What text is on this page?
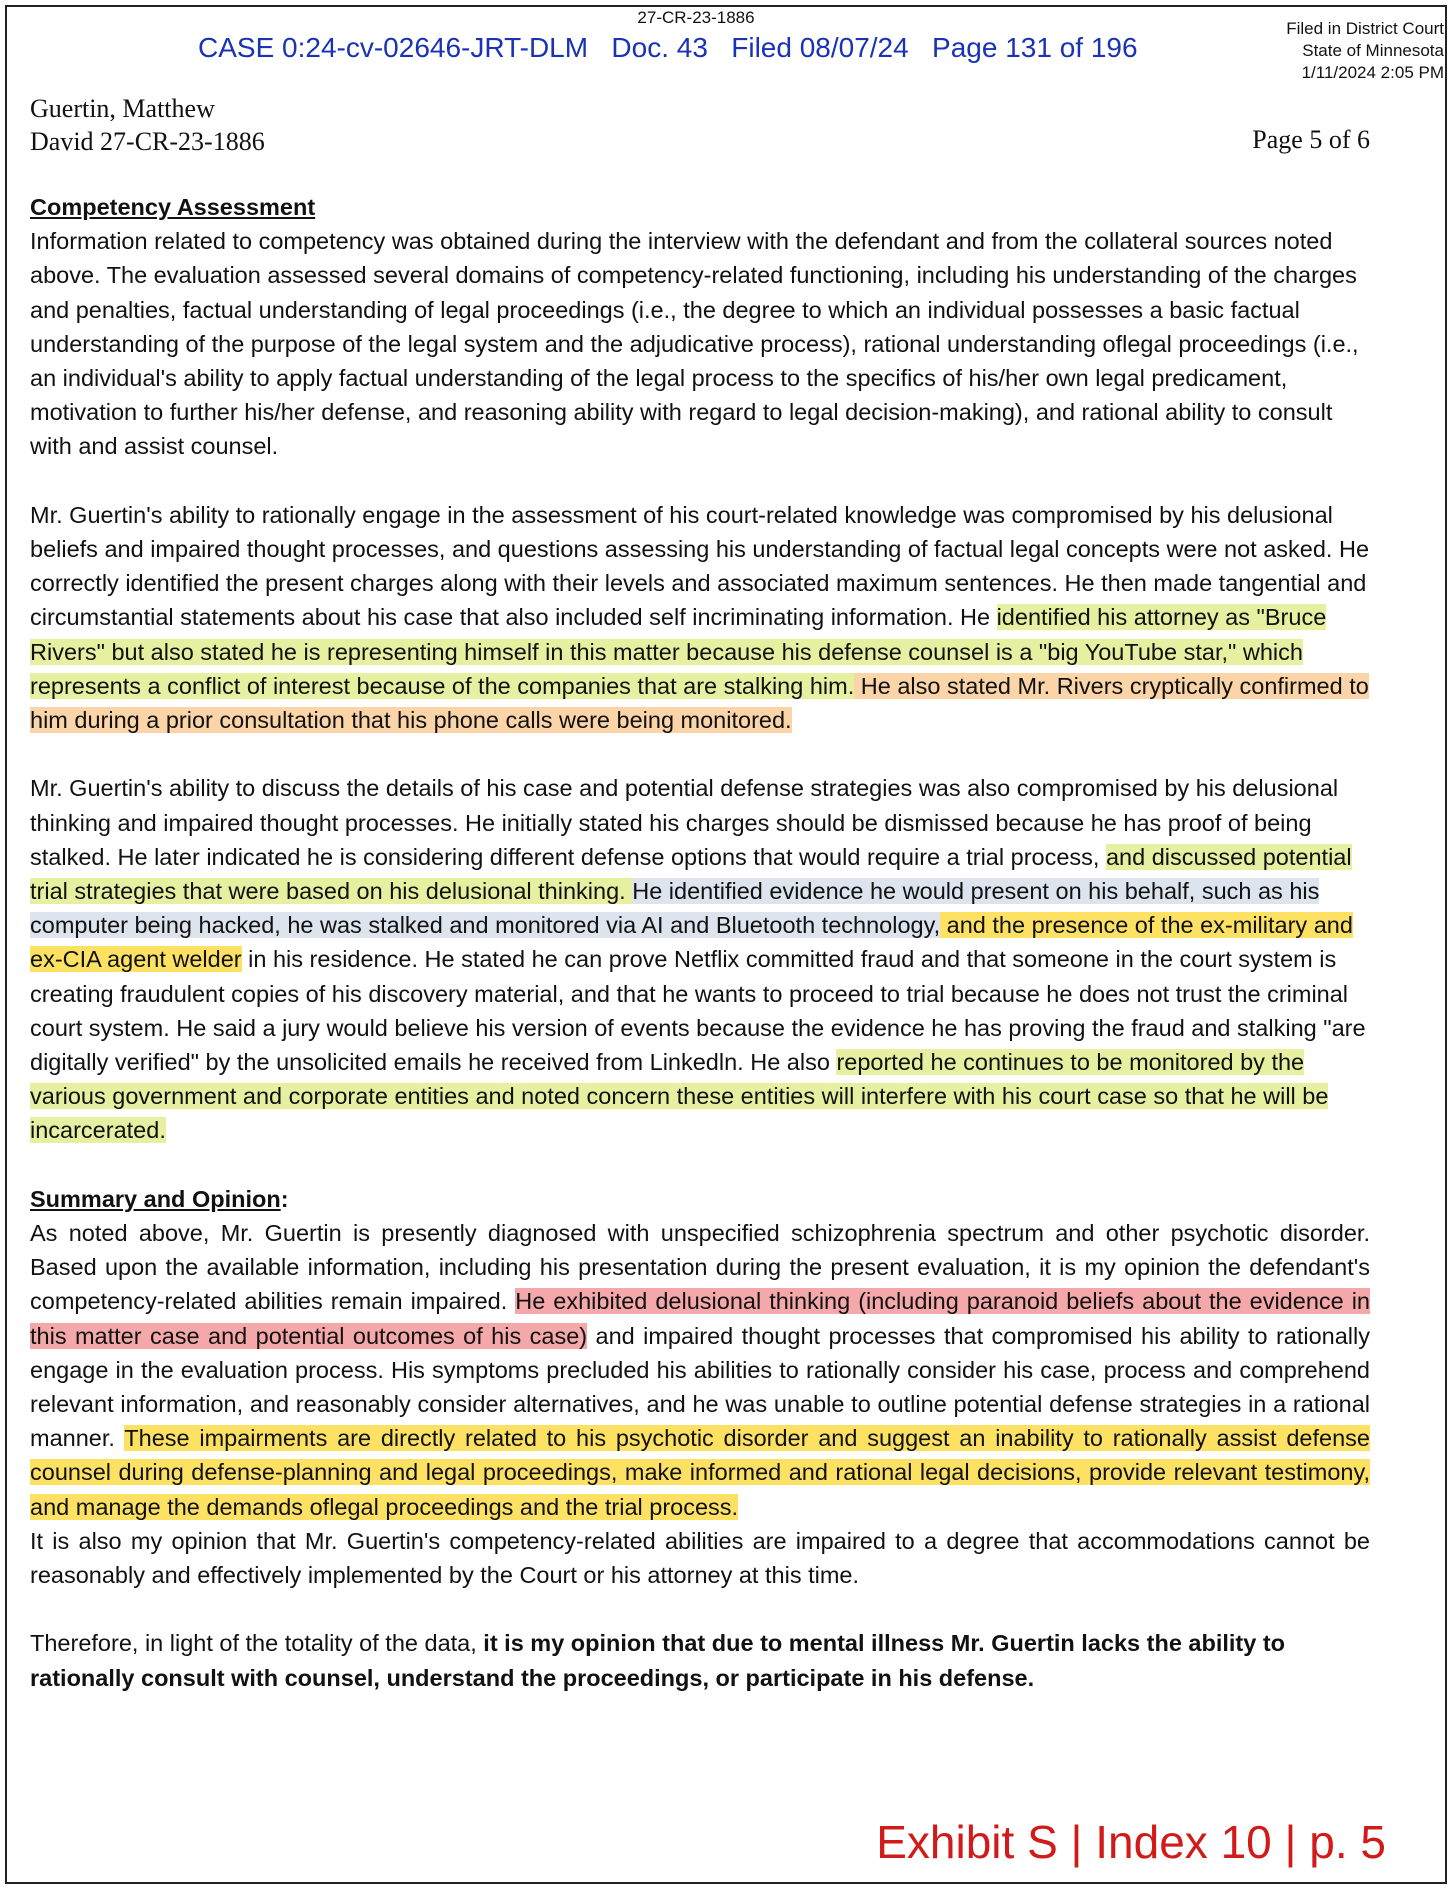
27-CR-23-1886
CASE 0:24-cv-02646-JRT-DLM   Doc. 43   Filed 08/07/24   Page 131 of 196
Filed in District Court
State of Minnesota
1/11/2024 2:05 PM
Guertin, Matthew
David 27-CR-23-1886	Page 5 of 6

Competency Assessment

Information related to competency was obtained during the interview with the defendant and from the collateral sources noted above. The evaluation assessed several domains of competency-related functioning, including his understanding of the charges and penalties, factual understanding of legal proceedings (i.e., the degree to which an individual possesses a basic factual understanding of the purpose of the legal system and the adjudicative process), rational understanding oflegal proceedings (i.e., an individual's ability to apply factual understanding of the legal process to the specifics of his/her own legal predicament, motivation to further his/her defense, and reasoning ability with regard to legal decision-making), and rational ability to consult with and assist counsel.

Mr. Guertin's ability to rationally engage in the assessment of his court-related knowledge was compromised by his delusional beliefs and impaired thought processes, and questions assessing his understanding of factual legal concepts were not asked. He correctly identified the present charges along with their levels and associated maximum sentences. He then made tangential and circumstantial statements about his case that also included self incriminating information. He identified his attorney as "Bruce Rivers" but also stated he is representing himself in this matter because his defense counsel is a "big YouTube star," which represents a conflict of interest because of the companies that are stalking him. He also stated Mr. Rivers cryptically confirmed to him during a prior consultation that his phone calls were being monitored.

Mr. Guertin's ability to discuss the details of his case and potential defense strategies was also compromised by his delusional thinking and impaired thought processes. He initially stated his charges should be dismissed because he has proof of being stalked. He later indicated he is considering different defense options that would require a trial process, and discussed potential trial strategies that were based on his delusional thinking. He identified evidence he would present on his behalf, such as his computer being hacked, he was stalked and monitored via AI and Bluetooth technology, and the presence of the ex-military and ex-CIA agent welder in his residence. He stated he can prove Netflix committed fraud and that someone in the court system is creating fraudulent copies of his discovery material, and that he wants to proceed to trial because he does not trust the criminal court system. He said a jury would believe his version of events because the evidence he has proving the fraud and stalking "are digitally verified" by the unsolicited emails he received from Linkedln. He also reported he continues to be monitored by the various government and corporate entities and noted concern these entities will interfere with his court case so that he will be incarcerated.

Summary and Opinion:

As noted above, Mr. Guertin is presently diagnosed with unspecified schizophrenia spectrum and other psychotic disorder. Based upon the available information, including his presentation during the present evaluation, it is my opinion the defendant's competency-related abilities remain impaired. He exhibited delusional thinking (including paranoid beliefs about the evidence in this matter case and potential outcomes of his case) and impaired thought processes that compromised his ability to rationally engage in the evaluation process. His symptoms precluded his abilities to rationally consider his case, process and comprehend relevant information, and reasonably consider alternatives, and he was unable to outline potential defense strategies in a rational manner. These impairments are directly related to his psychotic disorder and suggest an inability to rationally assist defense counsel during defense-planning and legal proceedings, make informed and rational legal decisions, provide relevant testimony, and manage the demands oflegal proceedings and the trial process.

It is also my opinion that Mr. Guertin's competency-related abilities are impaired to a degree that accommodations cannot be reasonably and effectively implemented by the Court or his attorney at this time.

Therefore, in light of the totality of the data, it is my opinion that due to mental illness Mr. Guertin lacks the ability to rationally consult with counsel, understand the proceedings, or participate in his defense.

Exhibit S | Index 10 | p. 5
